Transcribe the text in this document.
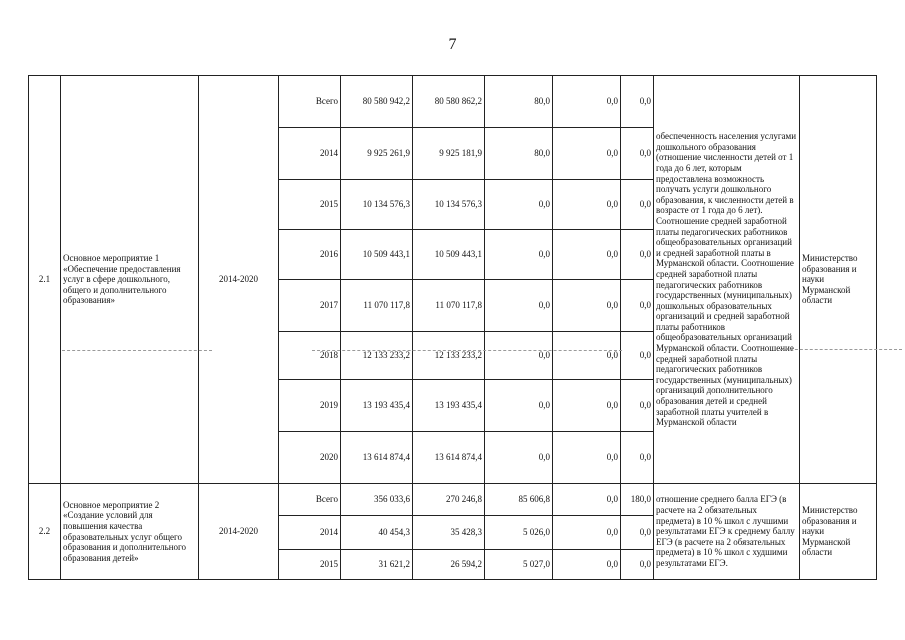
7
2.1	Основное мероприятие 1 «Обеспечение предоставления услуг в сфере дошкольного, общего и дополнительного образования»	2014-2020	Всего	80 580 942,2	80 580 862,2	80,0	0,0	0,0	обеспеченность населения услугами дошкольного образования (отношение численности детей от 1 года до 6 лет, которым предоставлена возможность получать услуги дошкольного образования, к численности детей в возрасте от 1 года до 6 лет). Соотношение средней заработной платы педагогических работников общеобразовательных организаций и средней заработной платы в Мурманской области. Соотношение средней заработной платы педагогических работников государственных (муниципальных) дошкольных образовательных организаций и средней заработной платы работников общеобразовательных организаций Мурманской области. Соотношение средней заработной платы педагогических работников государственных (муниципальных) организаций дополнительного образования детей и средней заработной платы учителей в Мурманской области	Министерство образования и науки Мурманской области
			2014	9 925 261,9	9 925 181,9	80,0	0,0	0,0		
			2015	10 134 576,3	10 134 576,3	0,0	0,0	0,0		
			2016	10 509 443,1	10 509 443,1	0,0	0,0	0,0		
			2017	11 070 117,8	11 070 117,8	0,0	0,0	0,0		
			2018	12 133 233,2	12 133 233,2	0,0	0,0	0,0		
			2019	13 193 435,4	13 193 435,4	0,0	0,0	0,0		
			2020	13 614 874,4	13 614 874,4	0,0	0,0	0,0		
2.2	Основное мероприятие 2 «Создание условий для повышения качества образовательных услуг общего образования и дополнительного образования детей»	2014-2020	Всего	356 033,6	270 246,8	85 606,8	0,0	180,0	отношение среднего балла ЕГЭ (в расчете на 2 обязательных предмета) в 10 % школ с лучшими результатами ЕГЭ к среднему баллу ЕГЭ (в расчете на 2 обязательных предмета) в 10 % школ с худшими результатами ЕГЭ.	Министерство образования и науки Мурманской области
			2014	40 454,3	35 428,3	5 026,0	0,0	0,0		
			2015	31 621,2	26 594,2	5 027,0	0,0	0,0		
